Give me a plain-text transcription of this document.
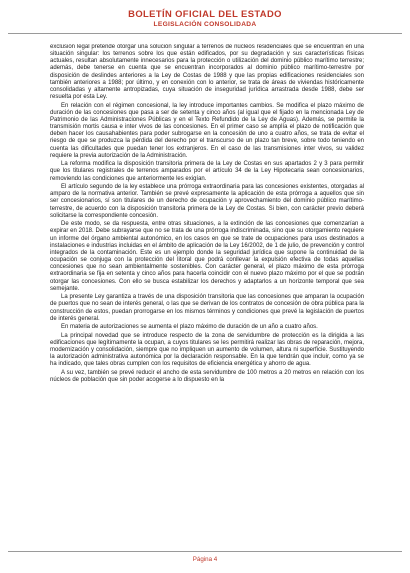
BOLETÍN OFICIAL DEL ESTADO
LEGISLACIÓN CONSOLIDADA

exclusión legal pretende otorgar una solución singular a terrenos de núcleos residenciales que se encuentran en una situación singular: los terrenos sobre los que están edificados, por su degradación y sus características físicas actuales, resultan absolutamente innecesarios para la protección o utilización del dominio público marítimo terrestre; además, debe tenerse en cuenta que se encuentran incorporados al dominio público marítimo-terrestre por disposición de deslindes anteriores a la Ley de Costas de 1988 y que las propias edificaciones residenciales son también anteriores a 1988; por último, y en conexión con lo anterior, se trata de áreas de viviendas históricamente consolidadas y altamente antropizadas, cuya situación de inseguridad jurídica arrastrada desde 1988, debe ser resuelta por esta Ley.

En relación con el régimen concesional, la ley introduce importantes cambios. Se modifica el plazo máximo de duración de las concesiones que pasa a ser de setenta y cinco años (al igual que el fijado en la mencionada Ley de Patrimonio de las Administraciones Públicas y en el Texto Refundido de la Ley de Aguas). Además, se permite la transmisión mortis causa e inter vivos de las concesiones. En el primer caso se amplía el plazo de notificación que deben hacer los causahabientes para poder subrogarse en la concesión de uno a cuatro años, se trata de evitar el riesgo de que se produzca la pérdida del derecho por el transcurso de un plazo tan breve, sobre todo teniendo en cuenta las dificultades que puedan tener los extranjeros. En el caso de las transmisiones inter vivos, su validez requiere la previa autorización de la Administración.

La reforma modifica la disposición transitoria primera de la Ley de Costas en sus apartados 2 y 3 para permitir que los titulares registrales de terrenos amparados por el artículo 34 de la Ley Hipotecaria sean concesionarios, removiendo las condiciones que anteriormente les exigían.

El artículo segundo de la ley establece una prórroga extraordinaria para las concesiones existentes, otorgadas al amparo de la normativa anterior. También se prevé expresamente la aplicación de esta prórroga a aquellos que sin ser concesionarios, sí son titulares de un derecho de ocupación y aprovechamiento del dominio público marítimo-terrestre, de acuerdo con la disposición transitoria primera de la Ley de Costas. Si bien, con carácter previo deberá solicitarse la correspondiente concesión.

De este modo, se da respuesta, entre otras situaciones, a la extinción de las concesiones que comenzarían a expirar en 2018. Debe subrayarse que no se trata de una prórroga indiscriminada, sino que su otorgamiento requiere un informe del órgano ambiental autonómico, en los casos en que se trate de ocupaciones para usos destinados a instalaciones e industrias incluidas en el ámbito de aplicación de la Ley 16/2002, de 1 de julio, de prevención y control integrados de la contaminación. Este es un ejemplo donde la seguridad jurídica que supone la continuidad de la ocupación se conjuga con la protección del litoral que podrá conllevar la expulsión efectiva de todas aquellas concesiones que no sean ambientalmente sostenibles. Con carácter general, el plazo máximo de esta prórroga extraordinaria se fija en setenta y cinco años para hacerla coincidir con el nuevo plazo máximo por el que se podrán otorgar las concesiones. Con ello se busca estabilizar los derechos y adaptarlos a un horizonte temporal que sea semejante.

La presente Ley garantiza a través de una disposición transitoria que las concesiones que amparan la ocupación de puertos que no sean de interés general, o las que se derivan de los contratos de concesión de obra pública para la construcción de estos, puedan prorrogarse en los mismos términos y condiciones que prevé la legislación de puertos de interés general.

En materia de autorizaciones se aumenta el plazo máximo de duración de un año a cuatro años.

La principal novedad que se introduce respecto de la zona de servidumbre de protección es la dirigida a las edificaciones que legítimamente la ocupan, a cuyos titulares se les permitirá realizar las obras de reparación, mejora, modernización y consolidación, siempre que no impliquen un aumento de volumen, altura ni superficie. Sustituyendo la autorización administrativa autonómica por la declaración responsable. En la que tendrán que incluir, como ya se ha indicado, que tales obras cumplen con los requisitos de eficiencia energética y ahorro de agua.

A su vez, también se prevé reducir el ancho de esta servidumbre de 100 metros a 20 metros en relación con los núcleos de población que sin poder acogerse a lo dispuesto en la

Página 4
